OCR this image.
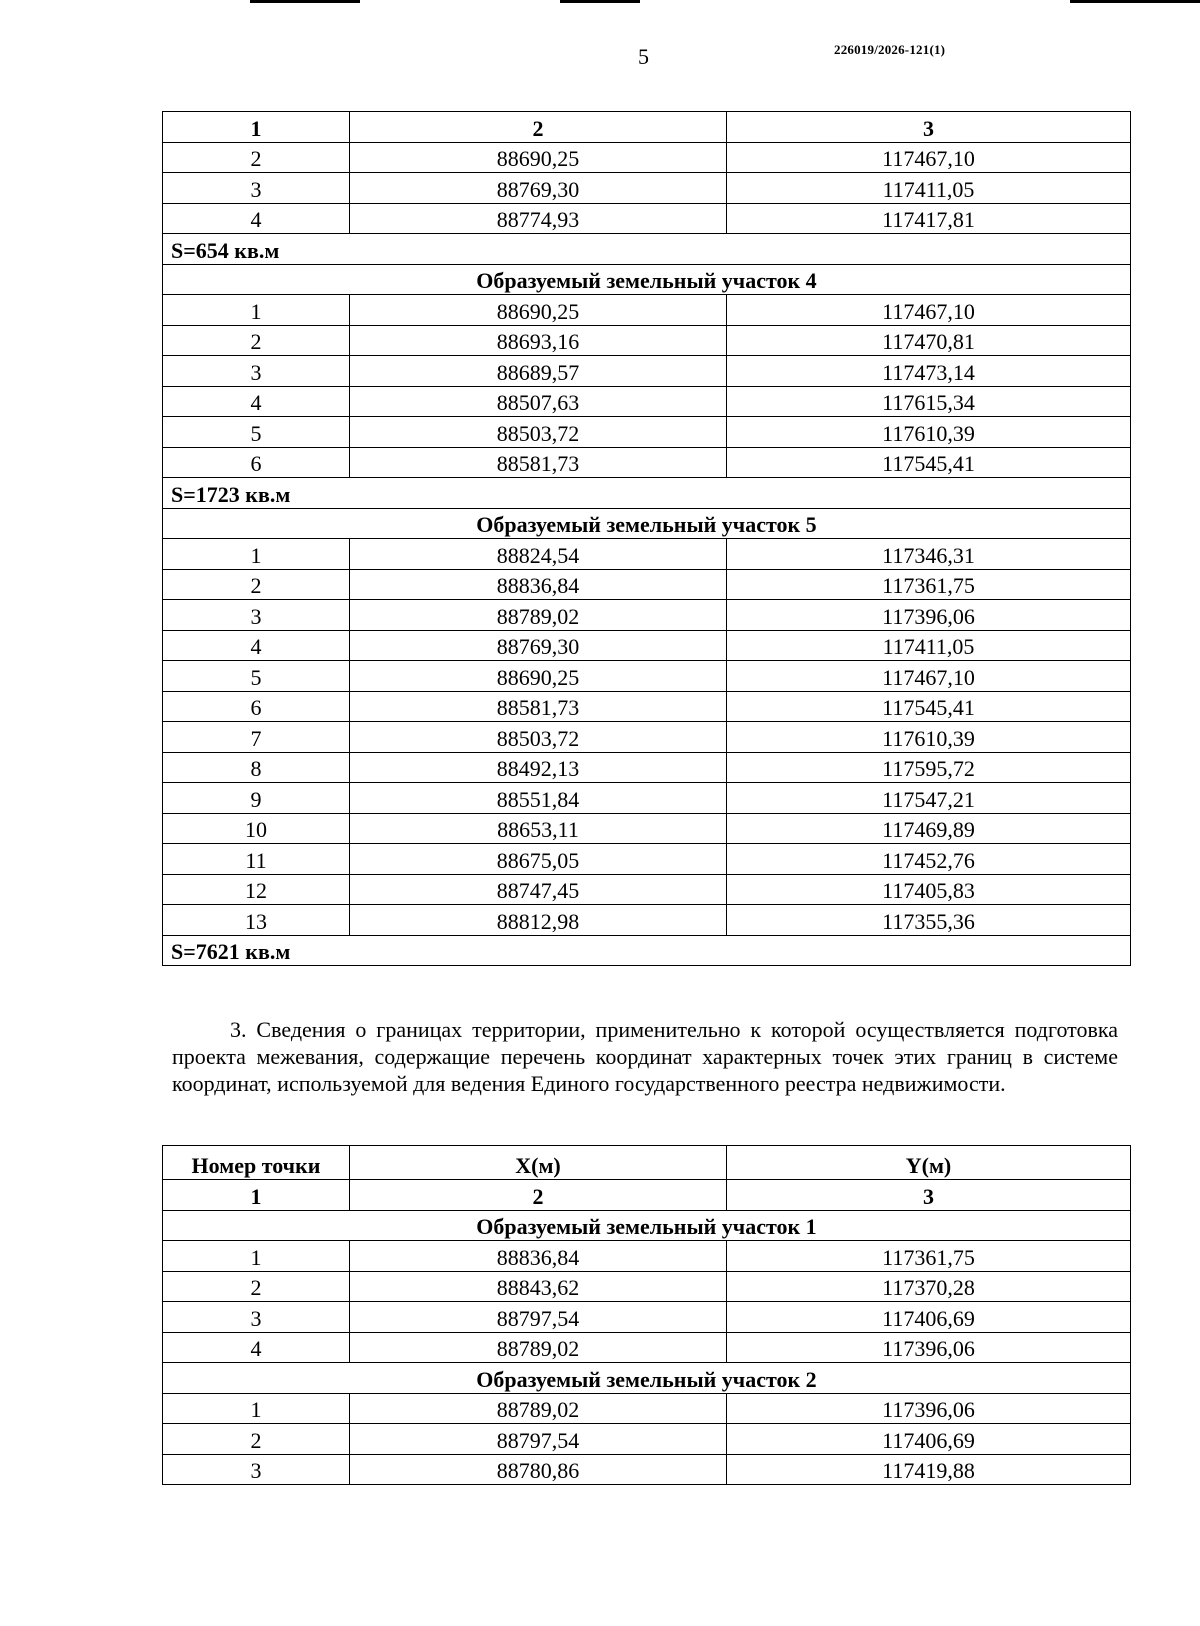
5	226019/2026-121(1)
1	2	3
2	88690,25	117467,10
3	88769,30	117411,05
4	88774,93	117417,81
S=654 кв.м		
Образуемый земельный участок 4		
1	88690,25	117467,10
2	88693,16	117470,81
3	88689,57	117473,14
4	88507,63	117615,34
5	88503,72	117610,39
6	88581,73	117545,41
S=1723 кв.м		
Образуемый земельный участок 5		
1	88824,54	117346,31
2	88836,84	117361,75
3	88789,02	117396,06
4	88769,30	117411,05
5	88690,25	117467,10
6	88581,73	117545,41
7	88503,72	117610,39
8	88492,13	117595,72
9	88551,84	117547,21
10	88653,11	117469,89
11	88675,05	117452,76
12	88747,45	117405,83
13	88812,98	117355,36
S=7621 кв.м		

3. Сведения о границах территории, применительно к которой осуществляется подготовка проекта межевания, содержащие перечень координат характерных точек этих границ в системе координат, используемой для ведения Единого государственного реестра недвижимости.

Номер точки	X(м)	Y(м)
1	2	3
Образуемый земельный участок 1		
1	88836,84	117361,75
2	88843,62	117370,28
3	88797,54	117406,69
4	88789,02	117396,06
Образуемый земельный участок 2		
1	88789,02	117396,06
2	88797,54	117406,69
3	88780,86	117419,88
